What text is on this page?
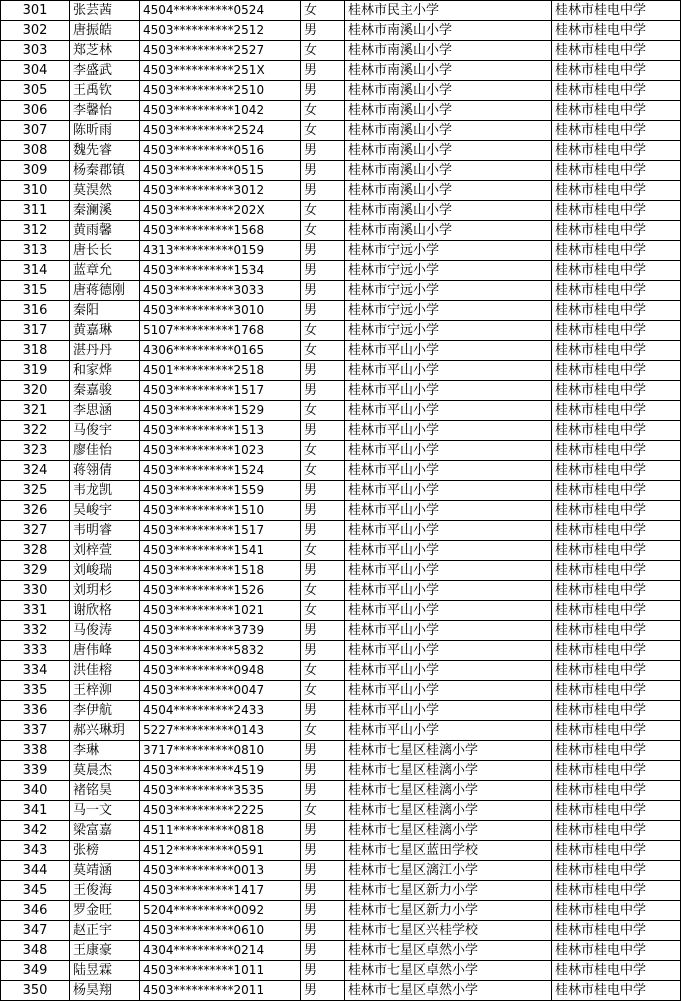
301	张芸茜	4504**********0524	女	桂林市民主小学	桂林市桂电中学
302	唐振皓	4503**********2512	男	桂林市南溪山小学	桂林市桂电中学
303	郑芝林	4503**********2527	女	桂林市南溪山小学	桂林市桂电中学
304	李盛武	4503**********251X	男	桂林市南溪山小学	桂林市桂电中学
305	王禹钦	4503**********2510	男	桂林市南溪山小学	桂林市桂电中学
306	李馨怡	4503**********1042	女	桂林市南溪山小学	桂林市桂电中学
307	陈昕雨	4503**********2524	女	桂林市南溪山小学	桂林市桂电中学
308	魏先睿	4503**********0516	男	桂林市南溪山小学	桂林市桂电中学
309	杨秦郡镇	4503**********0515	男	桂林市南溪山小学	桂林市桂电中学
310	莫淏然	4503**********3012	男	桂林市南溪山小学	桂林市桂电中学
311	秦澜溪	4503**********202X	女	桂林市南溪山小学	桂林市桂电中学
312	黄雨馨	4503**********1568	女	桂林市南溪山小学	桂林市桂电中学
313	唐长长	4313**********0159	男	桂林市宁远小学	桂林市桂电中学
314	蓝章允	4503**********1534	男	桂林市宁远小学	桂林市桂电中学
315	唐蒋德刚	4503**********3033	男	桂林市宁远小学	桂林市桂电中学
316	秦阳	4503**********3010	男	桂林市宁远小学	桂林市桂电中学
317	黄嘉琳	5107**********1768	女	桂林市宁远小学	桂林市桂电中学
318	湛丹丹	4306**********0165	女	桂林市平山小学	桂林市桂电中学
319	和家烨	4501**********2518	男	桂林市平山小学	桂林市桂电中学
320	秦嘉骏	4503**********1517	男	桂林市平山小学	桂林市桂电中学
321	李思涵	4503**********1529	女	桂林市平山小学	桂林市桂电中学
322	马俊宇	4503**********1513	男	桂林市平山小学	桂林市桂电中学
323	廖佳怡	4503**********1023	女	桂林市平山小学	桂林市桂电中学
324	蒋翎倩	4503**********1524	女	桂林市平山小学	桂林市桂电中学
325	韦龙凯	4503**********1559	男	桂林市平山小学	桂林市桂电中学
326	吴峻宇	4503**********1510	男	桂林市平山小学	桂林市桂电中学
327	韦明睿	4503**********1517	男	桂林市平山小学	桂林市桂电中学
328	刘梓萱	4503**********1541	女	桂林市平山小学	桂林市桂电中学
329	刘峻瑞	4503**********1518	男	桂林市平山小学	桂林市桂电中学
330	刘玥杉	4503**********1526	女	桂林市平山小学	桂林市桂电中学
331	谢欣格	4503**********1021	女	桂林市平山小学	桂林市桂电中学
332	马俊涛	4503**********3739	男	桂林市平山小学	桂林市桂电中学
333	唐伟峰	4503**********5832	男	桂林市平山小学	桂林市桂电中学
334	洪佳榕	4503**********0948	女	桂林市平山小学	桂林市桂电中学
335	王梓泖	4503**********0047	女	桂林市平山小学	桂林市桂电中学
336	李伊航	4504**********2433	男	桂林市平山小学	桂林市桂电中学
337	郝兴琳玥	5227**********0143	女	桂林市平山小学	桂林市桂电中学
338	李琳	3717**********0810	男	桂林市七星区桂漓小学	桂林市桂电中学
339	莫晨杰	4503**********4519	男	桂林市七星区桂漓小学	桂林市桂电中学
340	褚铭昊	4503**********3535	男	桂林市七星区桂漓小学	桂林市桂电中学
341	马一文	4503**********2225	女	桂林市七星区桂漓小学	桂林市桂电中学
342	梁富嘉	4511**********0818	男	桂林市七星区桂漓小学	桂林市桂电中学
343	张榜	4512**********0591	男	桂林市七星区蓝田学校	桂林市桂电中学
344	莫靖涵	4503**********0013	男	桂林市七星区漓江小学	桂林市桂电中学
345	王俊海	4503**********1417	男	桂林市七星区新力小学	桂林市桂电中学
346	罗金旺	5204**********0092	男	桂林市七星区新力小学	桂林市桂电中学
347	赵正宇	4503**********0610	男	桂林市七星区兴桂学校	桂林市桂电中学
348	王康豪	4304**********0214	男	桂林市七星区卓然小学	桂林市桂电中学
349	陆昱霖	4503**********1011	男	桂林市七星区卓然小学	桂林市桂电中学
350	杨昊翔	4503**********2011	男	桂林市七星区卓然小学	桂林市桂电中学
